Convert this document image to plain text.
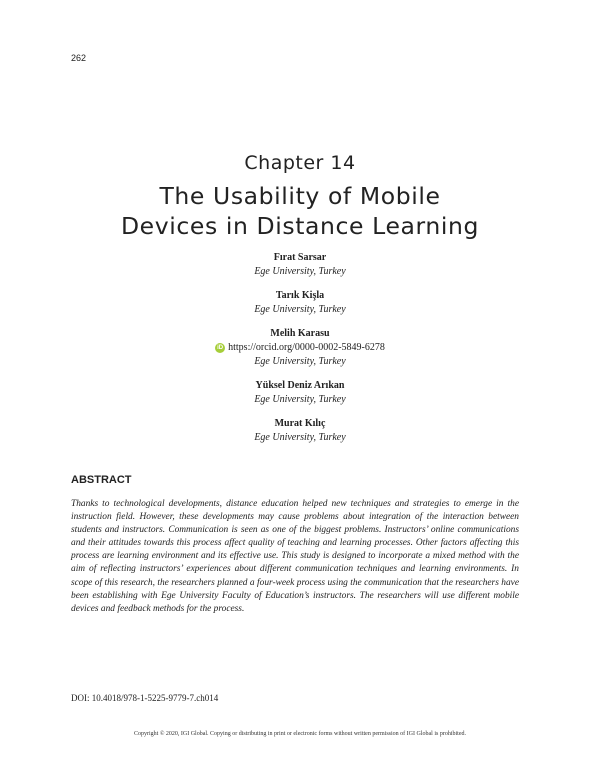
262
Chapter 14
The Usability of Mobile
Devices in Distance Learning
Fırat Sarsar
Ege University, Turkey
Tarık Kişla
Ege University, Turkey
Melih Karasu
iD https://orcid.org/0000-0002-5849-6278
Ege University, Turkey
Yüksel Deniz Arıkan
Ege University, Turkey
Murat Kılıç
Ege University, Turkey
ABSTRACT
Thanks to technological developments, distance education helped new techniques and strategies to emerge in the instruction field. However, these developments may cause problems about integration of the interaction between students and instructors. Communication is seen as one of the biggest problems. Instructors’ online communications and their attitudes towards this process affect quality of teaching and learning processes. Other factors affecting this process are learning environment and its effective use. This study is designed to incorporate a mixed method with the aim of reflecting instructors’ experiences about different communication techniques and learning environments. In scope of this research, the researchers planned a four-week process using the communication that the researchers have been establishing with Ege University Faculty of Education’s instructors. The researchers will use different mobile devices and feedback methods for the process.
DOI: 10.4018/978-1-5225-9779-7.ch014
Copyright © 2020, IGI Global. Copying or distributing in print or electronic forms without written permission of IGI Global is prohibited.
